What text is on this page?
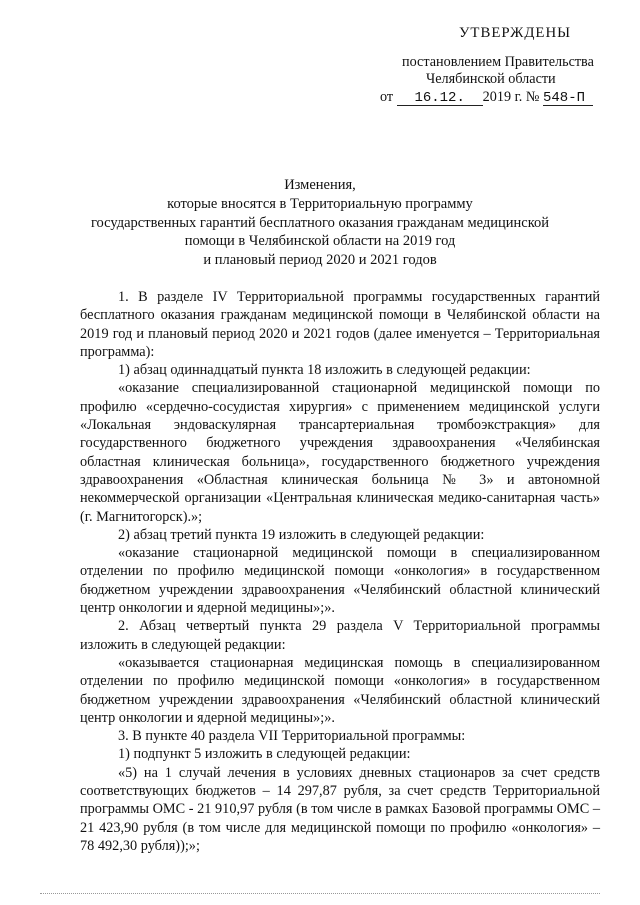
УТВЕРЖДЕНЫ
постановлением Правительства
Челябинской области
от 16.12. 2019 г. № 548-П
Изменения,
которые вносятся в Территориальную программу
государственных гарантий бесплатного оказания гражданам медицинской
помощи в Челябинской области на 2019 год
и плановый период 2020 и 2021 годов

1. В разделе IV Территориальной программы государственных гарантий бесплатного оказания гражданам медицинской помощи в Челябинской области на 2019 год и плановый период 2020 и 2021 годов (далее именуется – Территориальная программа):

1) абзац одиннадцатый пункта 18 изложить в следующей редакции:

«оказание специализированной стационарной медицинской помощи по профилю «сердечно-сосудистая хирургия» с применением медицинской услуги «Локальная эндоваскулярная трансартериальная тромбоэкстракция» для государственного бюджетного учреждения здравоохранения «Челябинская областная клиническая больница», государственного бюджетного учреждения здравоохранения «Областная клиническая больница № 3» и автономной некоммерческой организации «Центральная клиническая медико-санитарная часть» (г. Магнитогорск).»;

2) абзац третий пункта 19 изложить в следующей редакции:

«оказание стационарной медицинской помощи в специализированном отделении по профилю медицинской помощи «онкология» в государственном бюджетном учреждении здравоохранения «Челябинский областной клинический центр онкологии и ядерной медицины»;».

2. Абзац четвертый пункта 29 раздела V Территориальной программы изложить в следующей редакции:

«оказывается стационарная медицинская помощь в специализированном отделении по профилю медицинской помощи «онкология» в государственном бюджетном учреждении здравоохранения «Челябинский областной клинический центр онкологии и ядерной медицины»;».

3. В пункте 40 раздела VII Территориальной программы:

1) подпункт 5 изложить в следующей редакции:

«5) на 1 случай лечения в условиях дневных стационаров за счет средств соответствующих бюджетов – 14 297,87 рубля, за счет средств Территориальной программы ОМС - 21 910,97 рубля (в том числе в рамках Базовой программы ОМС – 21 423,90 рубля (в том числе для медицинской помощи по профилю «онкология» – 78 492,30 рубля));»;
